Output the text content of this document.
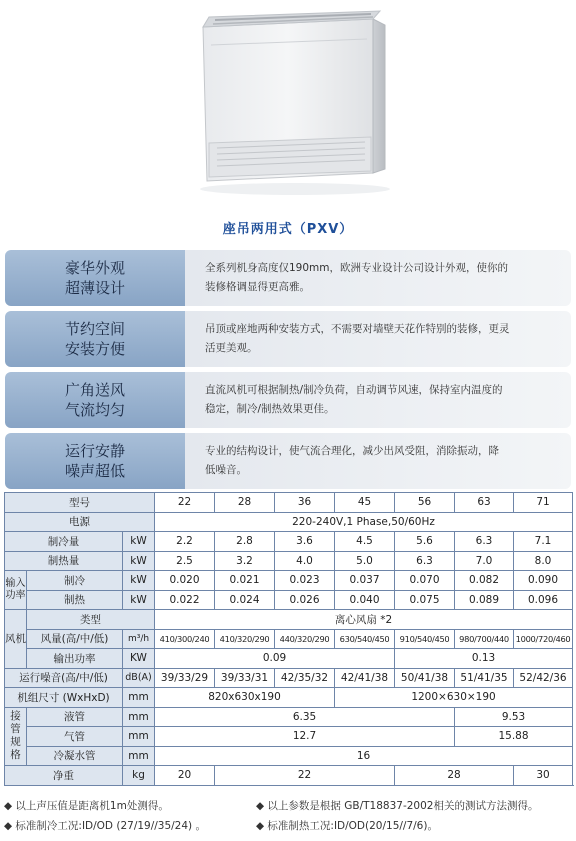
座吊两用式（PXV）
豪华外观
超薄设计
全系列机身高度仅190mm，欧洲专业设计公司设计外观，使你的
装修格调显得更高雅。
节约空间
安装方便
吊顶或座地两种安装方式，不需要对墙壁天花作特别的装修，更灵
活更美观。
广角送风
气流均匀
直流风机可根据制热/制冷负荷，自动调节风速，保持室内温度的
稳定，制冷/制热效果更佳。
运行安静
噪声超低
专业的结构设计，使气流合理化，减少出风受阻，消除振动，降
低噪音。
型号			22	28	36	45	56	63	71
电源			220-240V,1 Phase,50/60Hz						
制冷量		kW	2.2	2.8	3.6	4.5	5.6	6.3	7.1
制热量		kW	2.5	3.2	4.0	5.0	6.3	7.0	8.0
输入功率	制冷	kW	0.020	0.021	0.023	0.037	0.070	0.082	0.090
	制热	kW	0.022	0.024	0.026	0.040	0.075	0.089	0.096
风机	类型		离心风扇 *2						
	风量(高/中/低)	m³/h	410/300/240	410/320/290	440/320/290	630/540/450	910/540/450	980/700/440	1000/720/460
	输出功率	KW	0.09				0.13		
运行噪音(高/中/低)		dB(A)	39/33/29	39/33/31	42/35/32	42/41/38	50/41/38	51/41/35	52/42/36
机组尺寸 (WxHxD)		mm	820x630x190			1200×630×190			

接
管
规
格	液管	mm	6.35					9.53	
	气管	mm	12.7					15.88	
	冷凝水管	mm	16						
净重		kg	20	22			28		30
◆ 以上声压值是距离机1m处测得。	◆ 以上参数是根据 GB/T18837-2002相关的测试方法测得。
◆ 标准制冷工况:ID/OD (27/19//35/24) 。	◆ 标准制热工况:ID/OD(20/15//7/6)。
